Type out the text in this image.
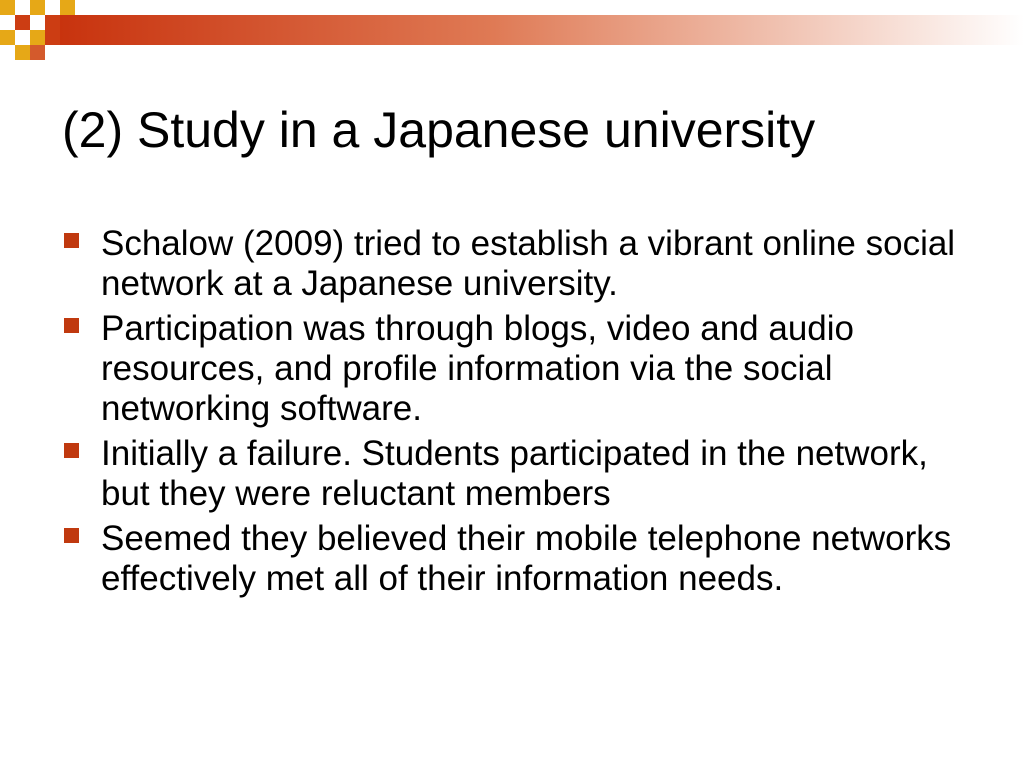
(2) Study in a Japanese university
Schalow (2009) tried to establish a vibrant online social network at a Japanese university.
Participation was through blogs, video and audio resources, and profile information via the social networking software.
Initially a failure. Students participated in the network, but they were reluctant members
Seemed they believed their mobile telephone networks effectively met all of their information needs.
